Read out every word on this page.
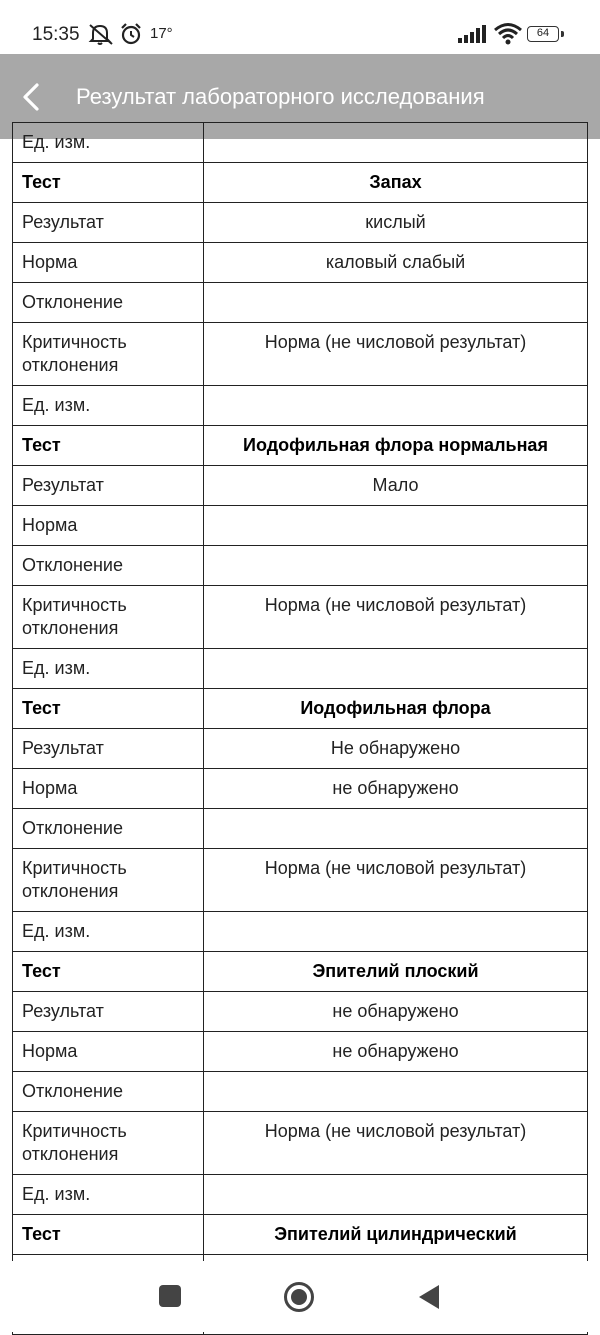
15:35	17°	64
Результат лабораторного исследования
Ед. изм.	
Тест	Запах
Результат	кислый
Норма	каловый слабый
Отклонение	
Критичность отклонения	Норма (не числовой результат)
Ед. изм.	
Тест	Иодофильная флора нормальная
Результат	Мало
Норма	
Отклонение	
Критичность отклонения	Норма (не числовой результат)
Ед. изм.	
Тест	Иодофильная флора
Результат	Не обнаружено
Норма	не обнаружено
Отклонение	
Критичность отклонения	Норма (не числовой результат)
Ед. изм.	
Тест	Эпителий плоский
Результат	не обнаружено
Норма	не обнаружено
Отклонение	
Критичность отклонения	Норма (не числовой результат)
Ед. изм.	
Тест	Эпителий цилиндрический
